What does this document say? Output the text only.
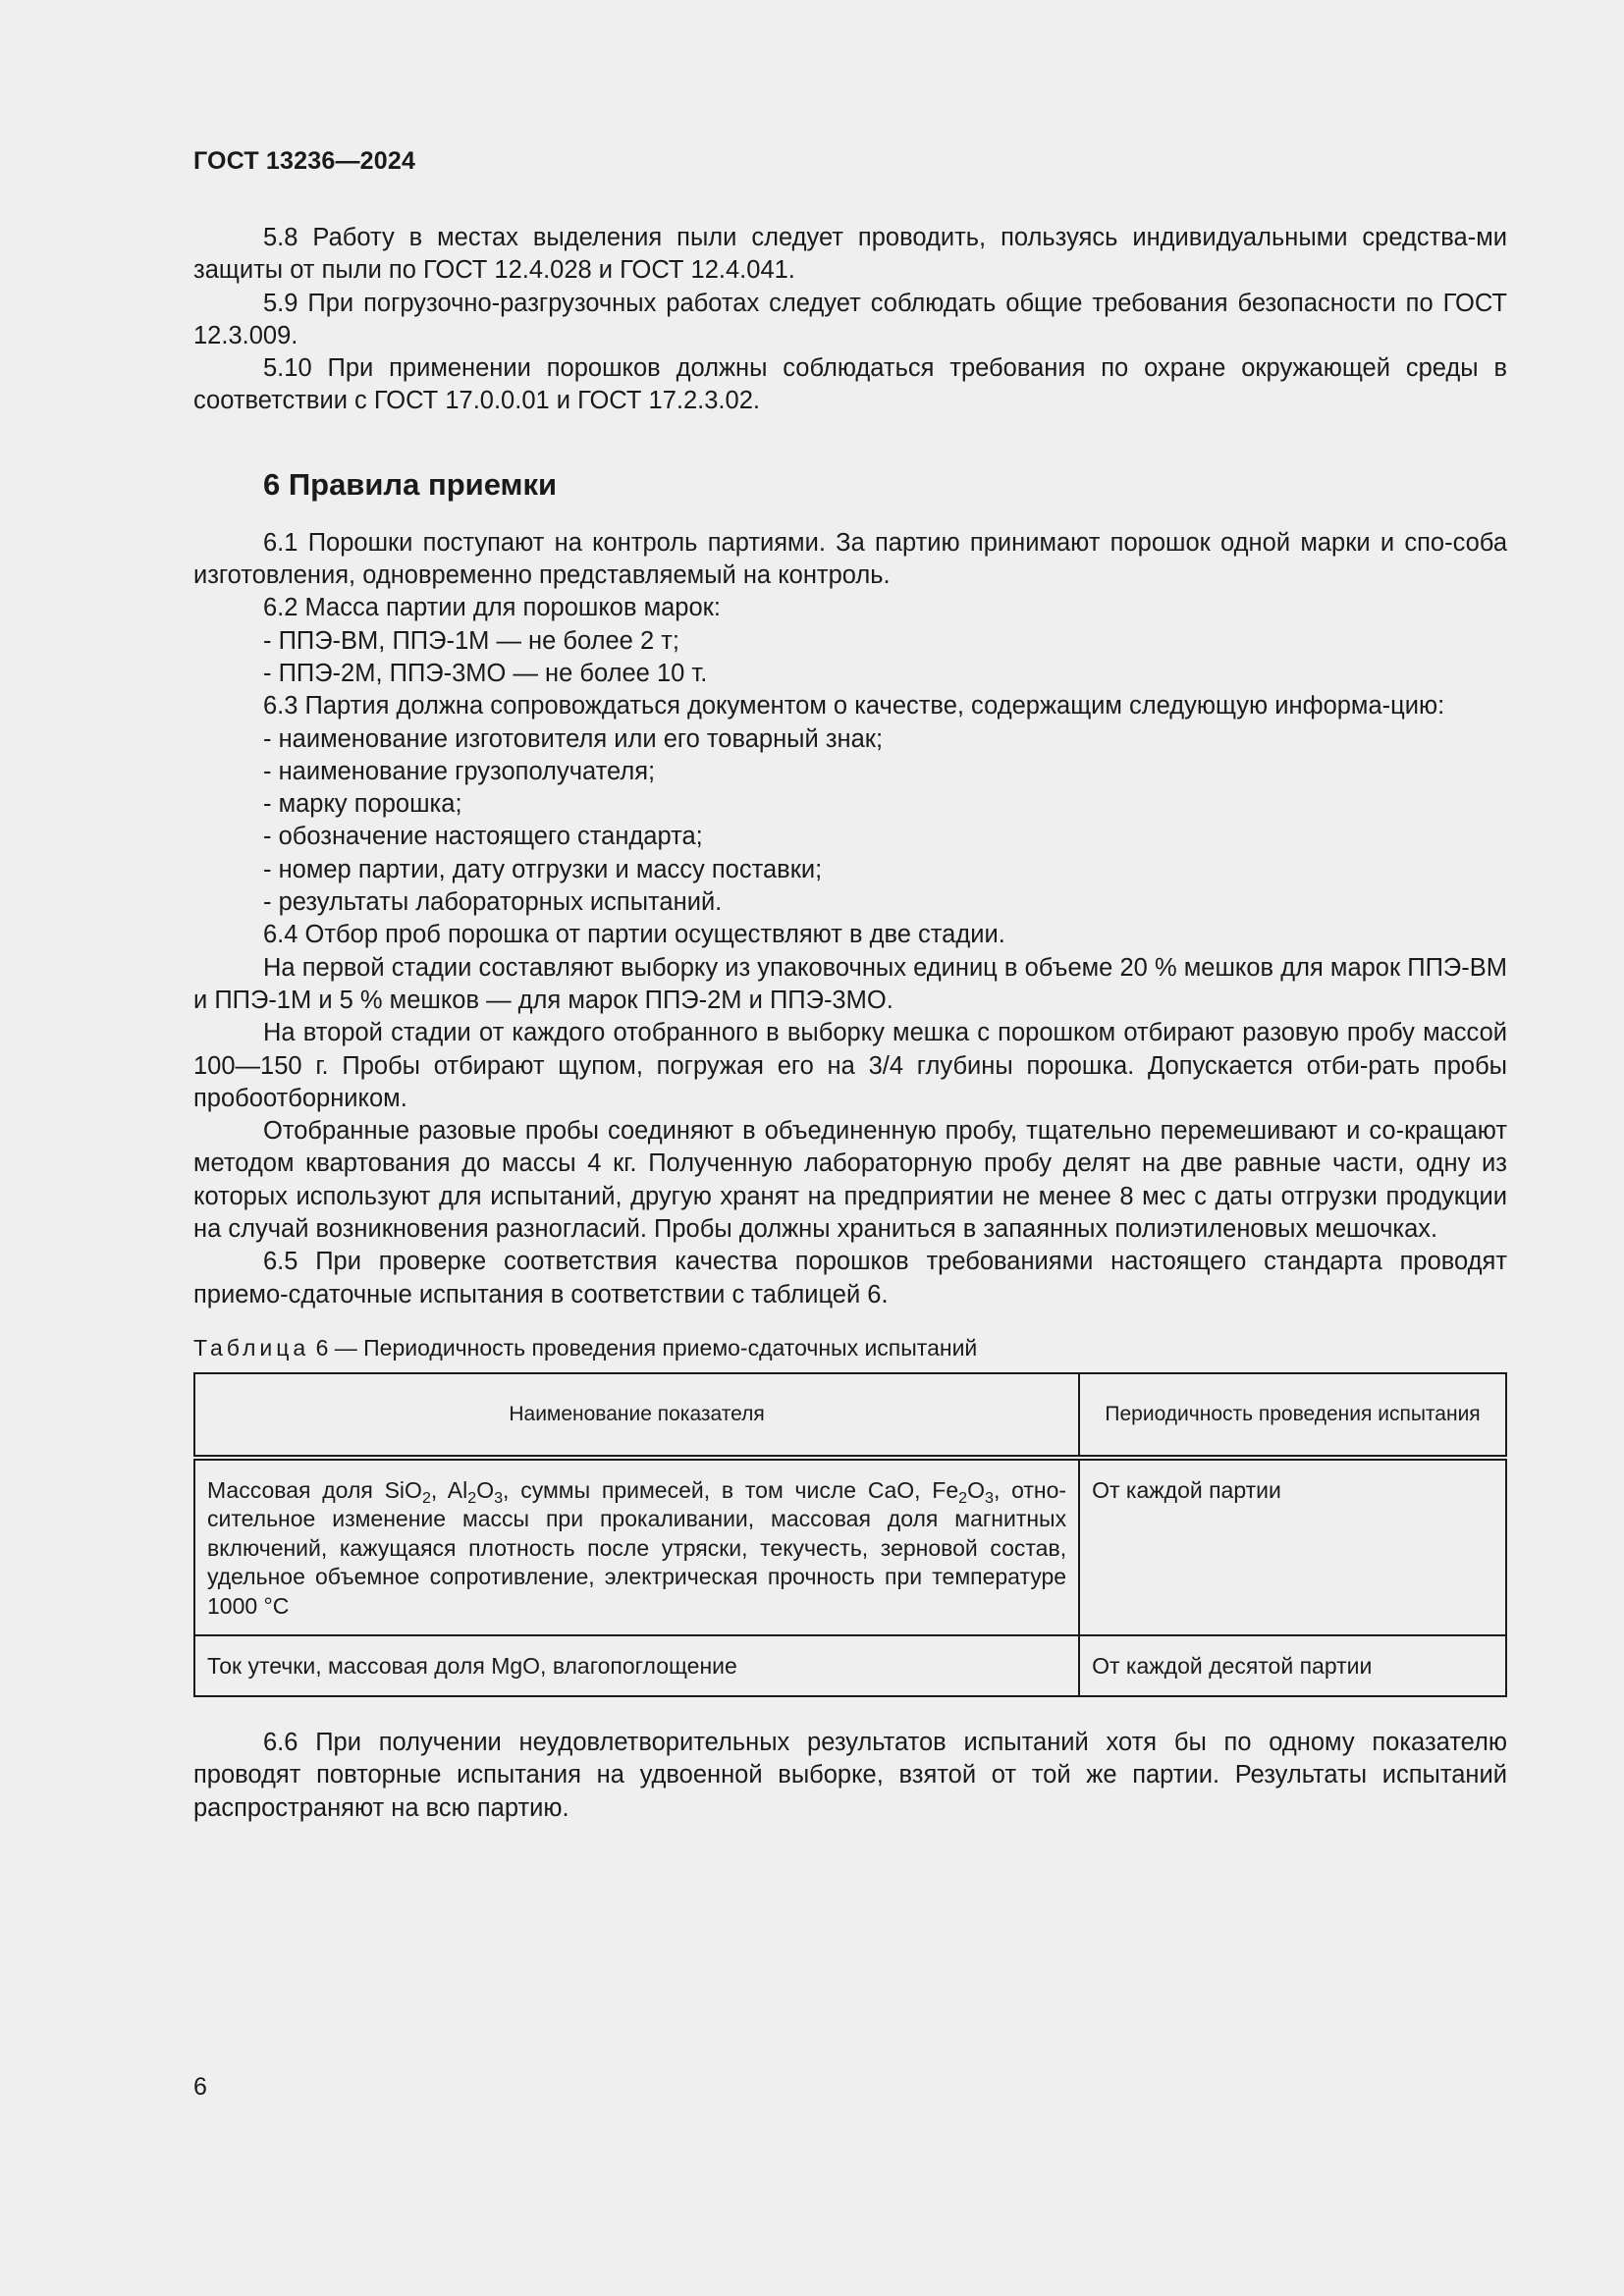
ГОСТ 13236—2024

5.8 Работу в местах выделения пыли следует проводить, пользуясь индивидуальными средства-ми защиты от пыли по ГОСТ 12.4.028 и ГОСТ 12.4.041.

5.9 При погрузочно-разгрузочных работах следует соблюдать общие требования безопасности по ГОСТ 12.3.009.

5.10 При применении порошков должны соблюдаться требования по охране окружающей среды в соответствии с ГОСТ 17.0.0.01 и ГОСТ 17.2.3.02.

6 Правила приемки

6.1 Порошки поступают на контроль партиями. За партию принимают порошок одной марки и спо-соба изготовления, одновременно представляемый на контроль.

6.2 Масса партии для порошков марок:

- ППЭ-ВМ, ППЭ-1М — не более 2 т;

- ППЭ-2М, ППЭ-3МО — не более 10 т.

6.3 Партия должна сопровождаться документом о качестве, содержащим следующую информа-цию:

- наименование изготовителя или его товарный знак;

- наименование грузополучателя;

- марку порошка;

- обозначение настоящего стандарта;

- номер партии, дату отгрузки и массу поставки;

- результаты лабораторных испытаний.

6.4 Отбор проб порошка от партии осуществляют в две стадии.

На первой стадии составляют выборку из упаковочных единиц в объеме 20 % мешков для марок ППЭ-ВМ и ППЭ-1М и 5 % мешков — для марок ППЭ-2М и ППЭ-3МО.

На второй стадии от каждого отобранного в выборку мешка с порошком отбирают разовую пробу массой 100—150 г. Пробы отбирают щупом, погружая его на 3/4 глубины порошка. Допускается отби-рать пробы пробоотборником.

Отобранные разовые пробы соединяют в объединенную пробу, тщательно перемешивают и со-кращают методом квартования до массы 4 кг. Полученную лабораторную пробу делят на две равные части, одну из которых используют для испытаний, другую хранят на предприятии не менее 8 мес с даты отгрузки продукции на случай возникновения разногласий. Пробы должны храниться в запаянных полиэтиленовых мешочках.

6.5 При проверке соответствия качества порошков требованиями настоящего стандарта проводят приемо-сдаточные испытания в соответствии с таблицей 6.

Таблица 6 — Периодичность проведения приемо-сдаточных испытаний
Наименование показателя	Периодичность проведения испытания
Массовая доля SiO$_2$, $Al_2O_3$, суммы примесей, в том числе CaO, $Fe_2O_3$, отно-сительное изменение массы при прокаливании, массовая доля магнитных включений, кажущаяся плотность после утряски, текучесть, зерновой состав, удельное объемное сопротивление, электрическая прочность при температуре 1000 °С	От каждой партии
Ток утечки, массовая доля MgO, влагопоглощение	От каждой десятой партии

6.6 При получении неудовлетворительных результатов испытаний хотя бы по одному показателю проводят повторные испытания на удвоенной выборке, взятой от той же партии. Результаты испытаний распространяют на всю партию.

6
